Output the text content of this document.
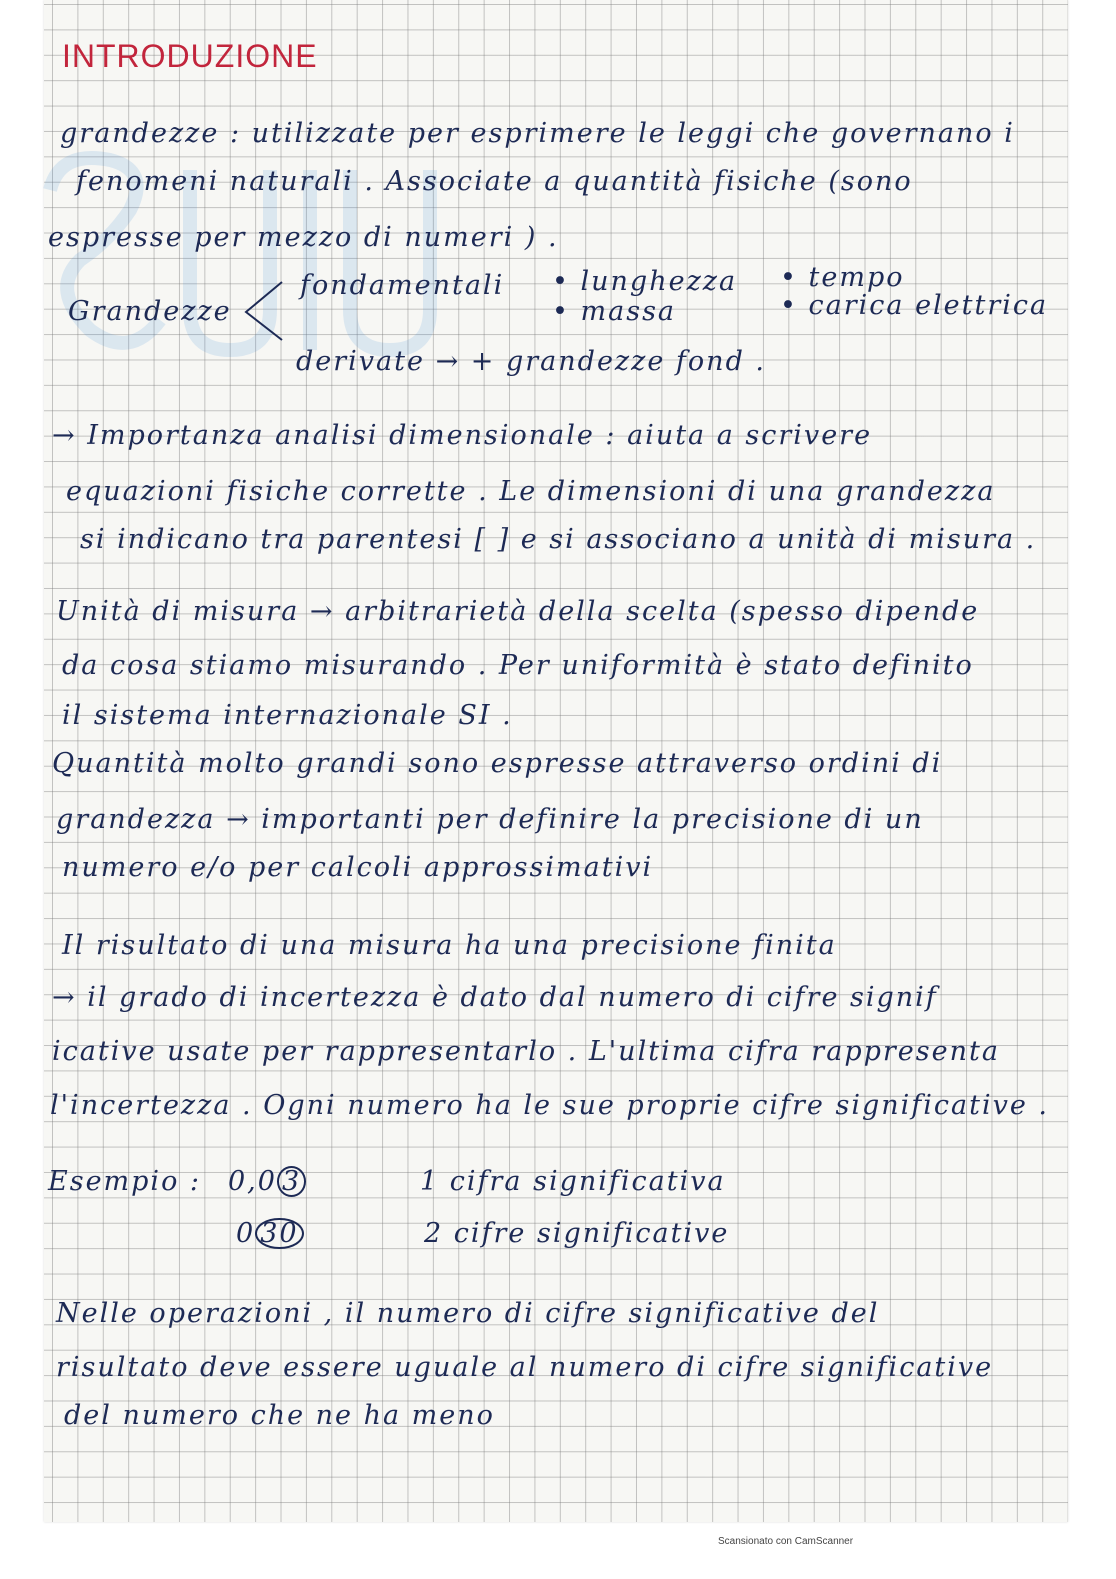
INTRODUZIONE
grandezze : utilizzate per esprimere le leggi che governano i
fenomeni naturali . Associate a quantità fisiche (sono
espresse per mezzo di numeri ) .
Grandezze
fondamentali • lunghezza
• massa
• tempo
• carica elettrica
derivate → + grandezze fond .
→ Importanza analisi dimensionale : aiuta a scrivere
equazioni fisiche corrette . Le dimensioni di una grandezza
si indicano tra parentesi [ ] e si associano a unità di misura .
Unità di misura → arbitrarietà della scelta (spesso dipende
da cosa stiamo misurando . Per uniformità è stato definito
il sistema internazionale SI .
Quantità molto grandi sono espresse attraverso ordini di
grandezza → importanti per definire la precisione di un
numero e/o per calcoli approssimativi
Il risultato di una misura ha una precisione finita
→ il grado di incertezza è dato dal numero di cifre signif
icative usate per rappresentarlo . L'ultima cifra rappresenta
l'incertezza . Ogni numero ha le sue proprie cifre significative .
Esempio : 0,0 3	1 cifra significativa
0 30	2 cifre significative
Nelle operazioni , il numero di cifre significative del
risultato deve essere uguale al numero di cifre significative
del numero che ne ha meno
Scansionato con CamScanner
